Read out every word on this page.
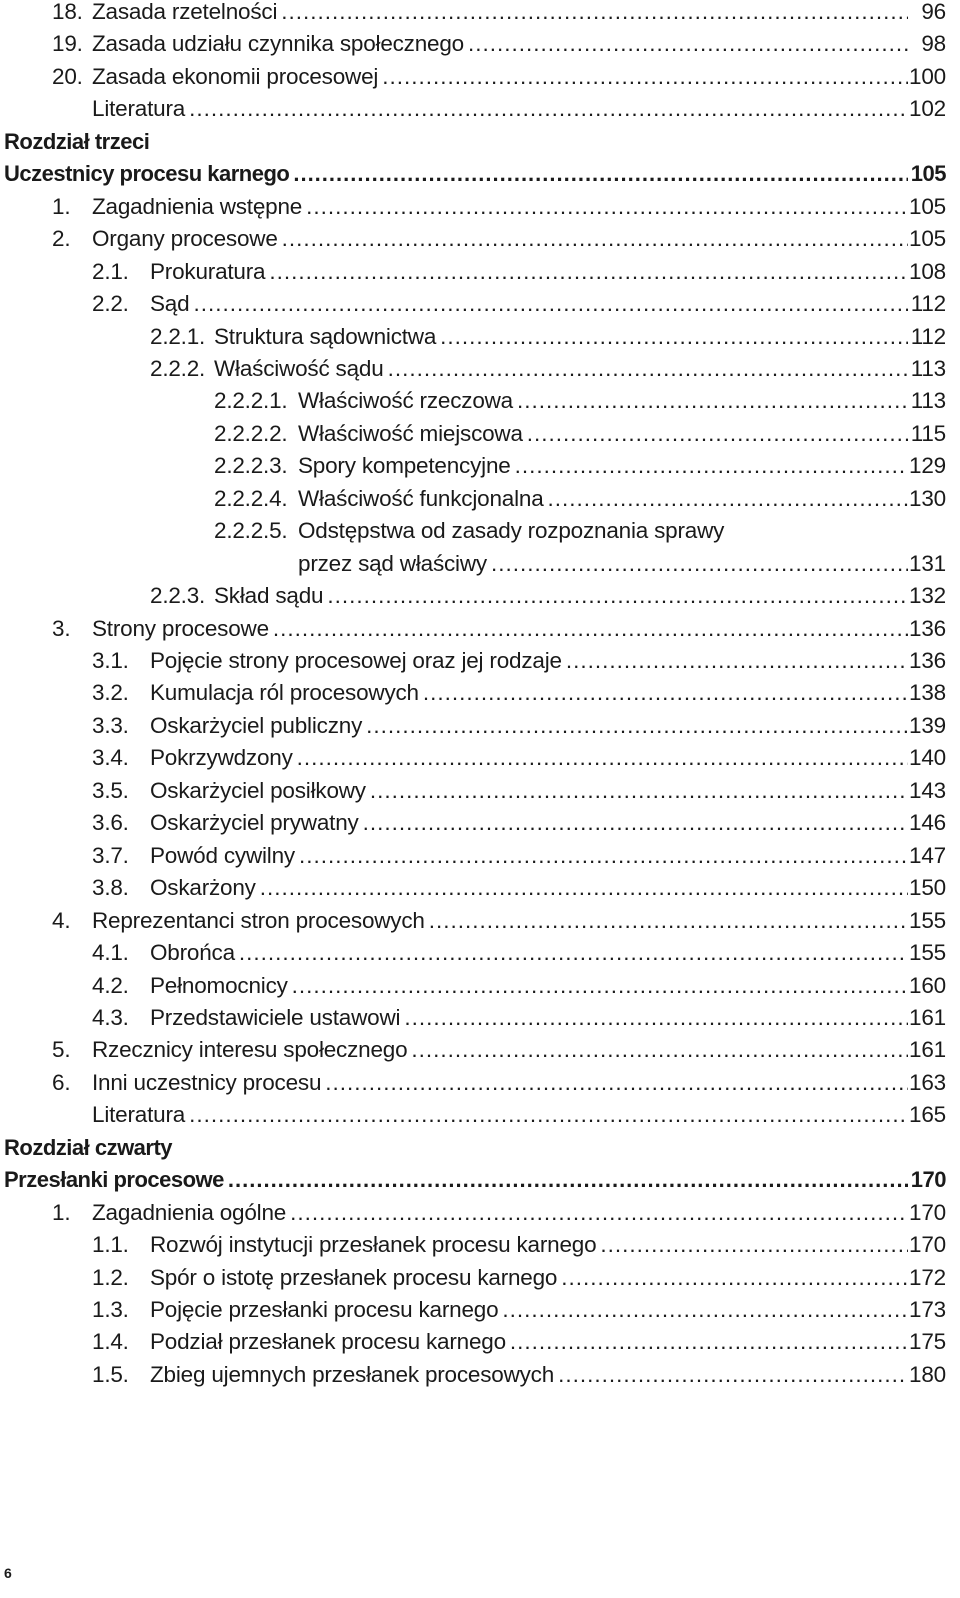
18. Zasada rzetelności .....	96
19. Zasada udziału czynnika społecznego .....	98
20. Zasada ekonomii procesowej .....	100
Literatura .....	102
Rozdział trzeci
Uczestnicy procesu karnego .....	105
1. Zagadnienia wstępne .....	105
2. Organy procesowe .....	105
2.1. Prokuratura .....	108
2.2. Sąd .....	112
2.2.1. Struktura sądownictwa .....	112
2.2.2. Właściwość sądu .....	113
2.2.2.1. Właściwość rzeczowa .....	113
2.2.2.2. Właściwość miejscowa .....	115
2.2.2.3. Spory kompetencyjne .....	129
2.2.2.4. Właściwość funkcjonalna .....	130
2.2.2.5. Odstępstwa od zasady rozpoznania sprawy
przez sąd właściwy .....	131
2.2.3. Skład sądu .....	132
3. Strony procesowe .....	136
3.1. Pojęcie strony procesowej oraz jej rodzaje .....	136
3.2. Kumulacja ról procesowych .....	138
3.3. Oskarżyciel publiczny .....	139
3.4. Pokrzywdzony .....	140
3.5. Oskarżyciel posiłkowy .....	143
3.6. Oskarżyciel prywatny .....	146
3.7. Powód cywilny .....	147
3.8. Oskarżony .....	150
4. Reprezentanci stron procesowych .....	155
4.1. Obrońca .....	155
4.2. Pełnomocnicy .....	160
4.3. Przedstawiciele ustawowi .....	161
5. Rzecznicy interesu społecznego .....	161
6. Inni uczestnicy procesu .....	163
Literatura .....	165
Rozdział czwarty
Przesłanki procesowe .....	170
1. Zagadnienia ogólne .....	170
1.1. Rozwój instytucji przesłanek procesu karnego .....	170
1.2. Spór o istotę przesłanek procesu karnego .....	172
1.3. Pojęcie przesłanki procesu karnego .....	173
1.4. Podział przesłanek procesu karnego .....	175
1.5. Zbieg ujemnych przesłanek procesowych .....	180
6
